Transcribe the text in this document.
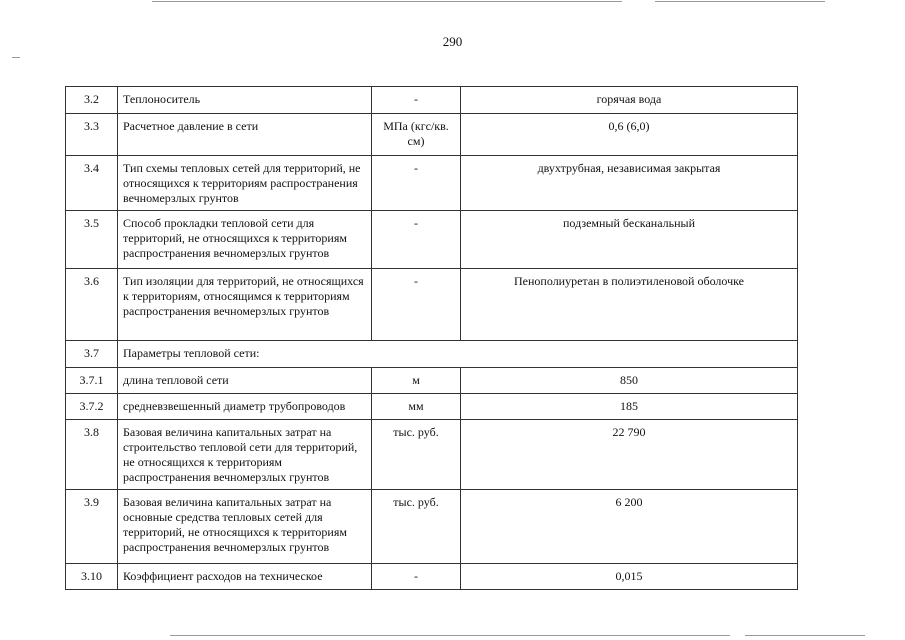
290
3.2	Теплоноситель	-	горячая вода
3.3	Расчетное давление в сети	МПа (кгс/кв. см)	0,6 (6,0)
3.4	Тип схемы тепловых сетей для территорий, не относящихся к территориям распространения вечномерзлых грунтов	-	двухтрубная, независимая закрытая
3.5	Способ прокладки тепловой сети для территорий, не относящихся к территориям распространения вечномерзлых грунтов	-	подземный бесканальный
3.6	Тип изоляции для территорий, не относящихся к территориям, относящимся к территориям распространения вечномерзлых грунтов	-	Пенополиуретан в полиэтиленовой оболочке
3.7	Параметры тепловой сети:		
3.7.1	длина тепловой сети	м	850
3.7.2	средневзвешенный диаметр трубопроводов	мм	185
3.8	Базовая величина капитальных затрат на строительство тепловой сети для территорий, не относящихся к территориям распространения вечномерзлых грунтов	тыс. руб.	22 790
3.9	Базовая величина капитальных затрат на основные средства тепловых сетей для территорий, не относящихся к территориям распространения вечномерзлых грунтов	тыс. руб.	6 200
3.10	Коэффициент расходов на техническое	-	0,015
